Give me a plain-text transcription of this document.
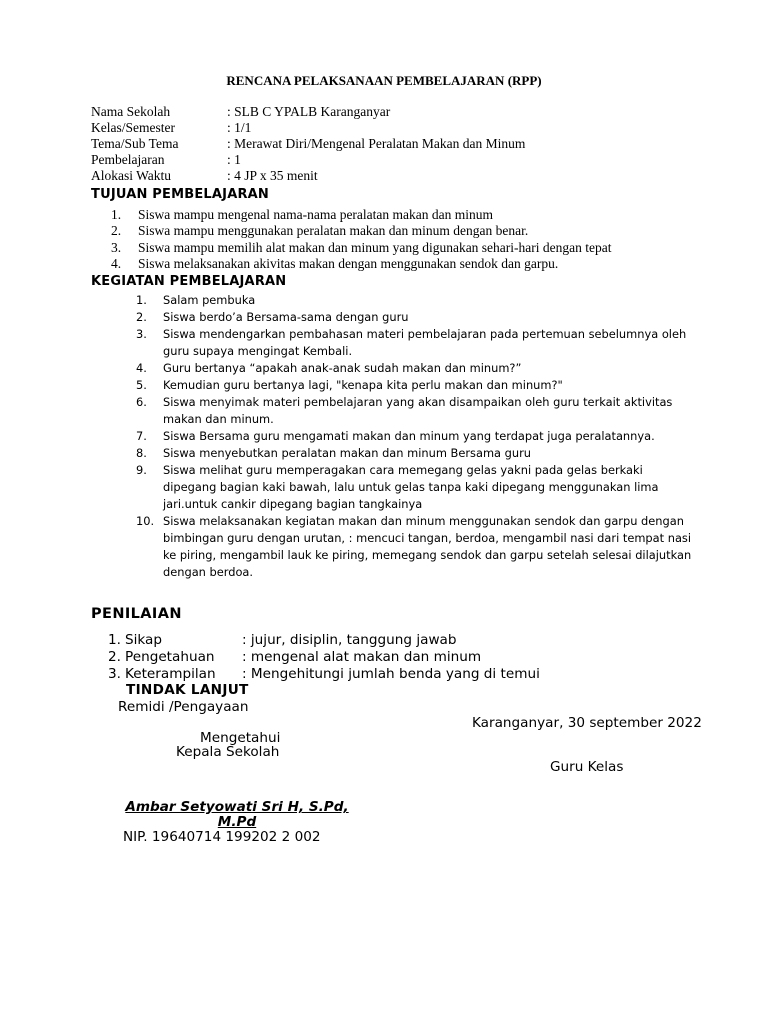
RENCANA PELAKSANAAN PEMBELAJARAN (RPP)
Nama Sekolah	: SLB C YPALB Karanganyar
Kelas/Semester	: 1/1
Tema/Sub Tema	: Merawat Diri/Mengenal Peralatan Makan dan Minum
Pembelajaran	: 1
Alokasi Waktu	: 4 JP x 35 menit
TUJUAN PEMBELAJARAN
1. Siswa mampu mengenal nama-nama peralatan makan dan minum
2. Siswa mampu menggunakan peralatan makan dan minum dengan benar.
3. Siswa mampu memilih alat makan dan minum yang digunakan sehari-hari dengan tepat
4. Siswa melaksanakan akivitas makan dengan menggunakan sendok dan garpu.
KEGIATAN PEMBELAJARAN
1.	Salam pembuka
2.	Siswa berdo’a Bersama-sama dengan guru
3.	Siswa mendengarkan pembahasan materi pembelajaran pada pertemuan sebelumnya oleh guru supaya mengingat Kembali.
4.	Guru bertanya “apakah anak-anak sudah makan dan minum?”
5.	Kemudian guru bertanya lagi, "kenapa kita perlu makan dan minum?"
6.	Siswa menyimak materi pembelajaran yang akan disampaikan oleh guru terkait aktivitas makan dan minum.
7.	Siswa Bersama guru mengamati makan dan minum yang terdapat juga peralatannya.
8.	Siswa menyebutkan peralatan makan dan minum Bersama guru
9.	Siswa melihat guru memperagakan cara memegang gelas yakni pada gelas berkaki dipegang bagian kaki bawah, lalu untuk gelas tanpa kaki dipegang menggunakan lima jari.untuk cankir dipegang bagian tangkainya
10. Siswa melaksanakan kegiatan makan dan minum menggunakan sendok dan garpu dengan bimbingan guru dengan urutan, : mencuci tangan, berdoa, mengambil nasi dari tempat nasi ke piring, mengambil lauk ke piring, memegang sendok dan garpu setelah selesai dilajutkan dengan berdoa.
PENILAIAN
1. Sikap	: jujur, disiplin, tanggung jawab
2. Pengetahuan : mengenal alat makan dan minum
3. Keterampilan : Mengehitungi jumlah benda yang di temui
TINDAK LANJUT
Remidi /Pengayaan
Karanganyar, 30 september 2022
Mengetahui
Kepala Sekolah
Guru Kelas
Ambar Setyowati Sri H, S.Pd, M.Pd
NIP. 19640714 199202 2 002
